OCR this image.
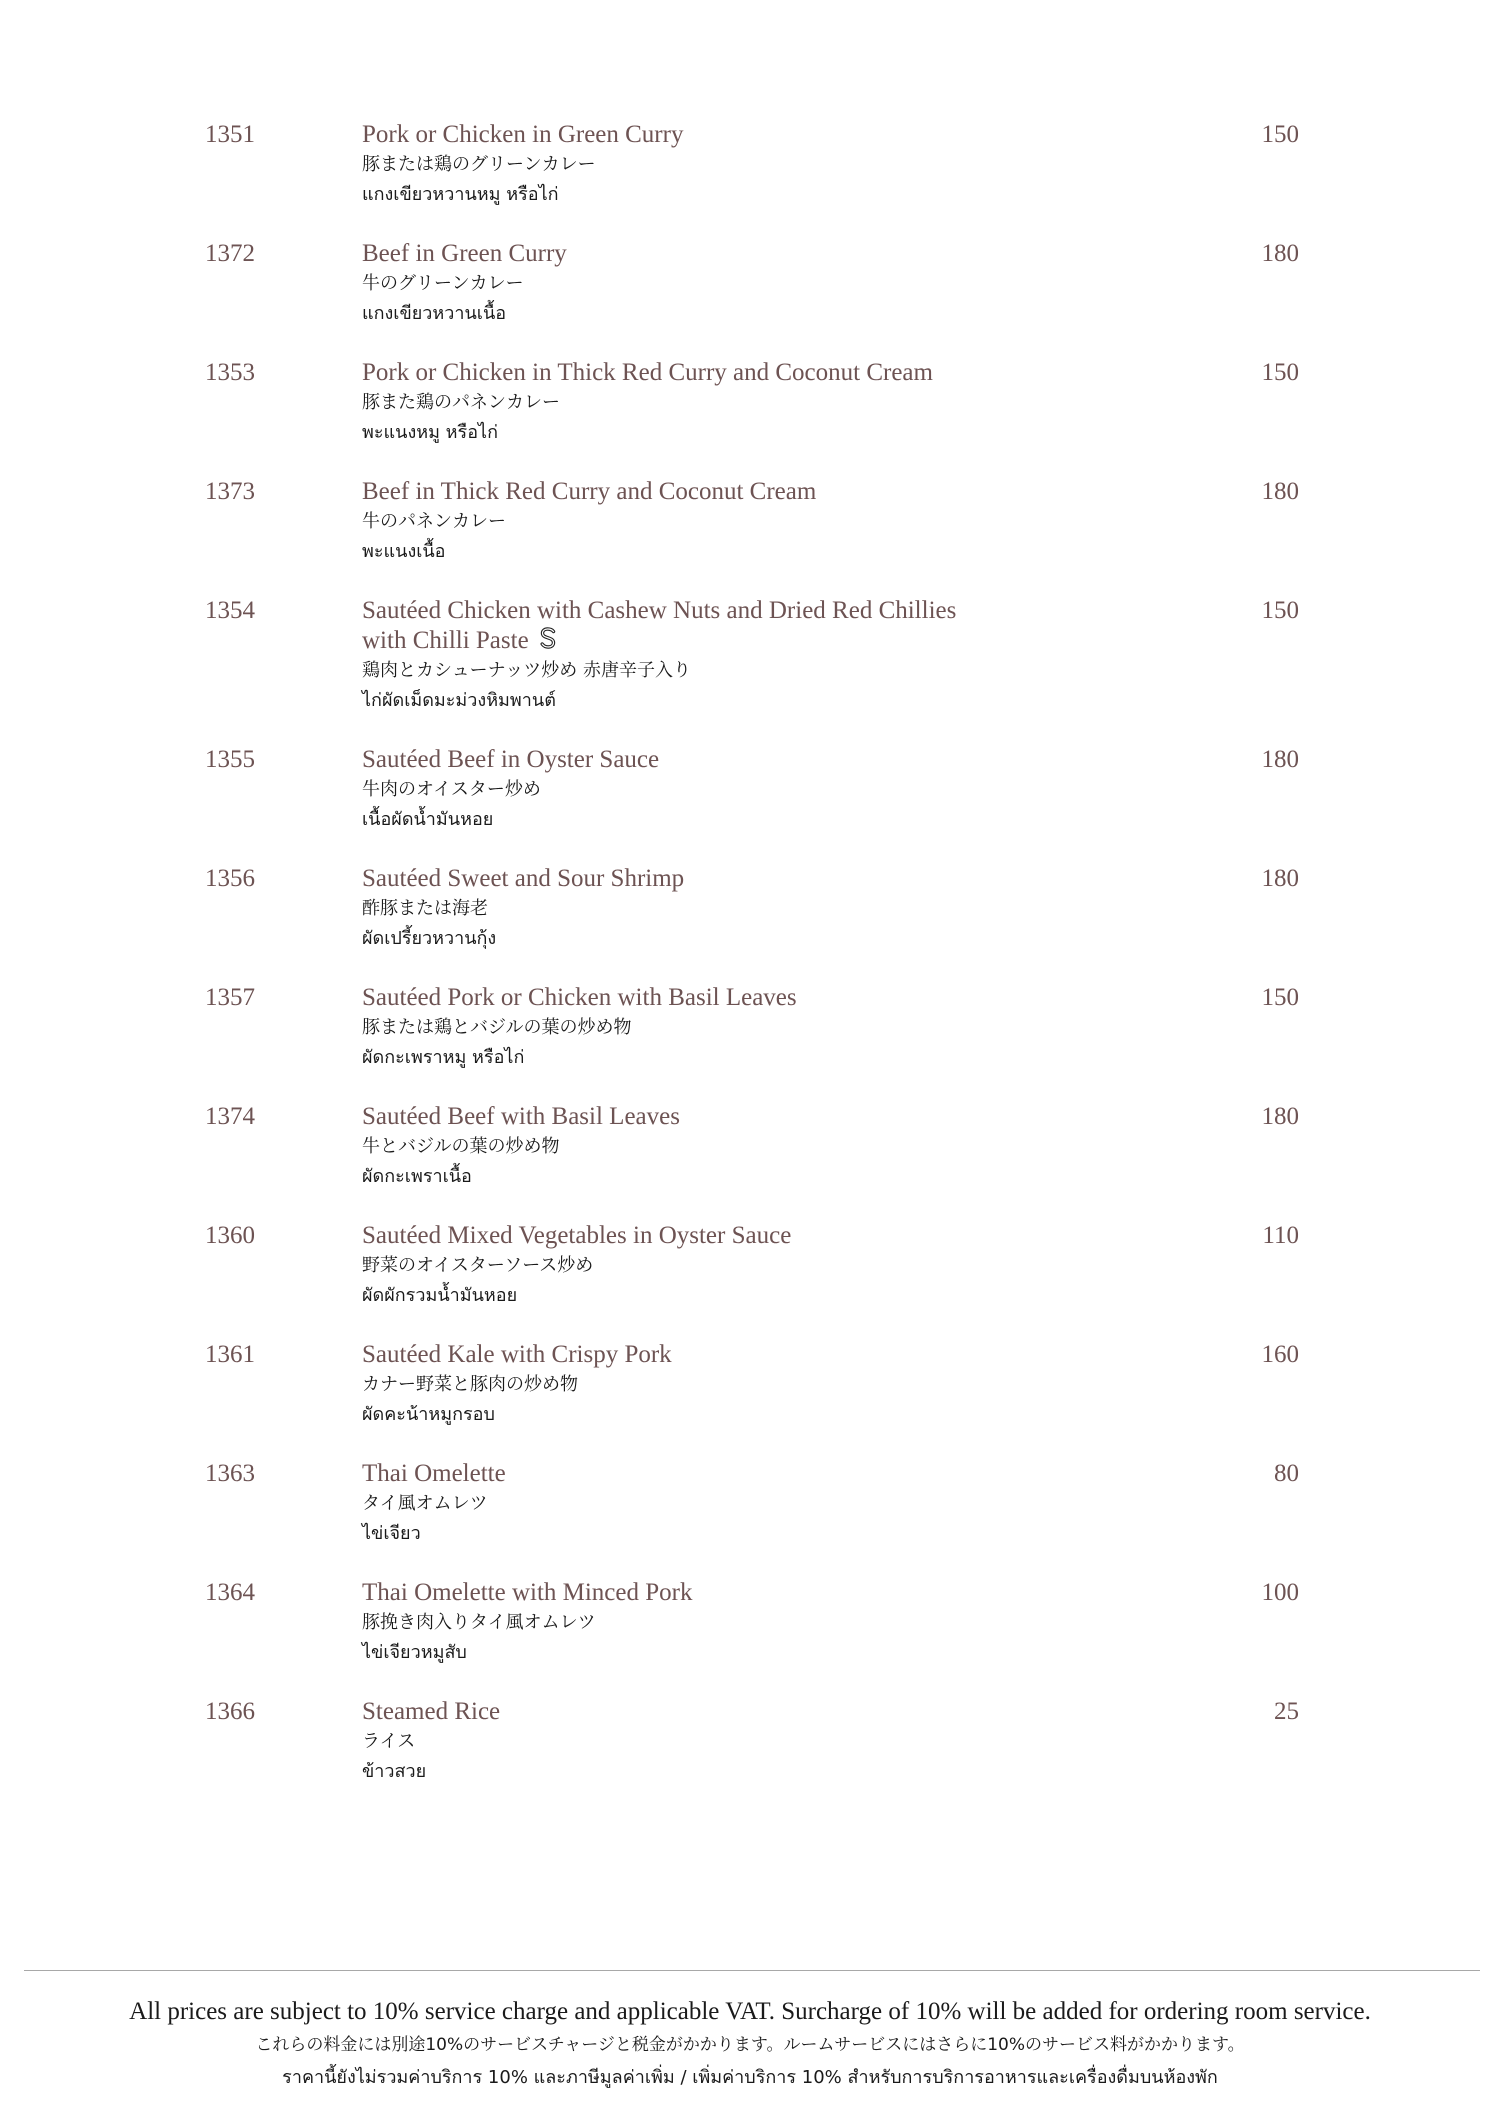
1351	Pork or Chicken in Green Curry
豚または鶏のグリーンカレー
แกงเขียวหวานหมู หรือไก่
150
1372	Beef in Green Curry
牛のグリーンカレー
แกงเขียวหวานเนื้อ
180
1353	Pork or Chicken in Thick Red Curry and Coconut Cream
豚また鶏のパネンカレー
พะแนงหมู หรือไก่
150
1373	Beef in Thick Red Curry and Coconut Cream
牛のパネンカレー
พะแนงเนื้อ
180
1354	Sautéed Chicken with Cashew Nuts and Dried Red Chillies
with Chilli Paste
鶏肉とカシューナッツ炒め 赤唐辛子入り
ไก่ผัดเม็ดมะม่วงหิมพานต์
150
1355	Sautéed Beef in Oyster Sauce
牛肉のオイスター炒め
เนื้อผัดน้ำมันหอย
180
1356	Sautéed Sweet and Sour Shrimp
酢豚または海老
ผัดเปรี้ยวหวานกุ้ง
180
1357	Sautéed Pork or Chicken with Basil Leaves
豚または鶏とバジルの葉の炒め物
ผัดกะเพราหมู หรือไก่
150
1374	Sautéed Beef with Basil Leaves
牛とバジルの葉の炒め物
ผัดกะเพราเนื้อ
180
1360	Sautéed Mixed Vegetables in Oyster Sauce
野菜のオイスターソース炒め
ผัดผักรวมน้ำมันหอย
110
1361	Sautéed Kale with Crispy Pork
カナー野菜と豚肉の炒め物
ผัดคะน้าหมูกรอบ
160
1363	Thai Omelette
タイ風オムレツ
ไข่เจียว
80
1364	Thai Omelette with Minced Pork
豚挽き肉入りタイ風オムレツ
ไข่เจียวหมูสับ
100
1366	Steamed Rice
ライス
ข้าวสวย
25
All prices are subject to 10% service charge and applicable VAT. Surcharge of 10% will be added for ordering room service.
これらの料金には別途10%のサービスチャージと税金がかかります。ルームサービスにはさらに10%のサービス料がかかります。
ราคานี้ยังไม่รวมค่าบริการ 10% และภาษีมูลค่าเพิ่ม / เพิ่มค่าบริการ 10% สำหรับการบริการอาหารและเครื่องดื่มบนห้องพัก
